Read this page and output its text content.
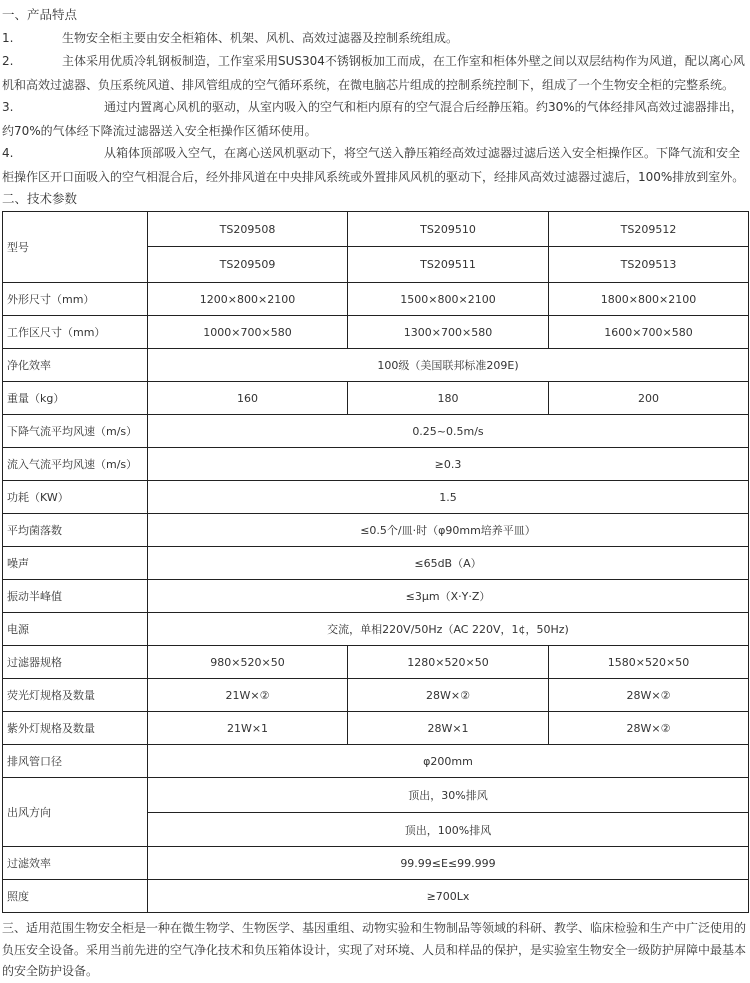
一、产品特点
1.	生物安全柜主要由安全柜箱体、机架、风机、高效过滤器及控制系统组成。
2.	主体采用优质冷轧钢板制造，工作室采用SUS304不锈钢板加工而成，在工作室和柜体外壁之间以双层结构作为风道，配以离心风机和高效过滤器、负压系统风道、排风管组成的空气循环系统，在微电脑芯片组成的控制系统控制下，组成了一个生物安全柜的完整系统。
3.	通过内置离心风机的驱动，从室内吸入的空气和柜内原有的空气混合后经静压箱。约30%的气体经排风高效过滤器排出，约70%的气体经下降流过滤器送入安全柜操作区循环使用。
4.	从箱体顶部吸入空气，在离心送风机驱动下，将空气送入静压箱经高效过滤器过滤后送入安全柜操作区。下降气流和安全柜操作区开口面吸入的空气相混合后，经外排风道在中央排风系统或外置排风风机的驱动下，经排风高效过滤器过滤后，100%排放到室外。
二、技术参数
型号	TS209508	TS209510	TS209512
	TS209509	TS209511	TS209513
外形尺寸（mm）	1200×800×2100	1500×800×2100	1800×800×2100
工作区尺寸（mm）	1000×700×580	1300×700×580	1600×700×580
净化效率	100级（美国联邦标准209E)		
重量（kg）	160	180	200
下降气流平均风速（m/s）	0.25~0.5m/s		
流入气流平均风速（m/s）	≥0.3		
功耗（KW）	1.5		
平均菌落数	≤0.5个/皿·时（φ90mm培养平皿）		
噪声	≤65dB（A）		
振动半峰值	≤3μm（X·Y·Z）		
电源	交流，单相220V/50Hz（AC 220V，1¢，50Hz)		
过滤器规格	980×520×50	1280×520×50	1580×520×50
荧光灯规格及数量	21W×②	28W×②	28W×②
紫外灯规格及数量	21W×1	28W×1	28W×②
排风管口径	φ200mm		
出风方向	顶出，30%排风		
	顶出，100%排风		
过滤效率	99.99≤E≤99.999		
照度	≥700Lx		
三、适用范围生物安全柜是一种在微生物学、生物医学、基因重组、动物实验和生物制品等领域的科研、教学、临床检验和生产中广泛使用的负压安全设备。采用当前先进的空气净化技术和负压箱体设计，实现了对环境、人员和样品的保护，是实验室生物安全一级防护屏障中最基本的安全防护设备。
